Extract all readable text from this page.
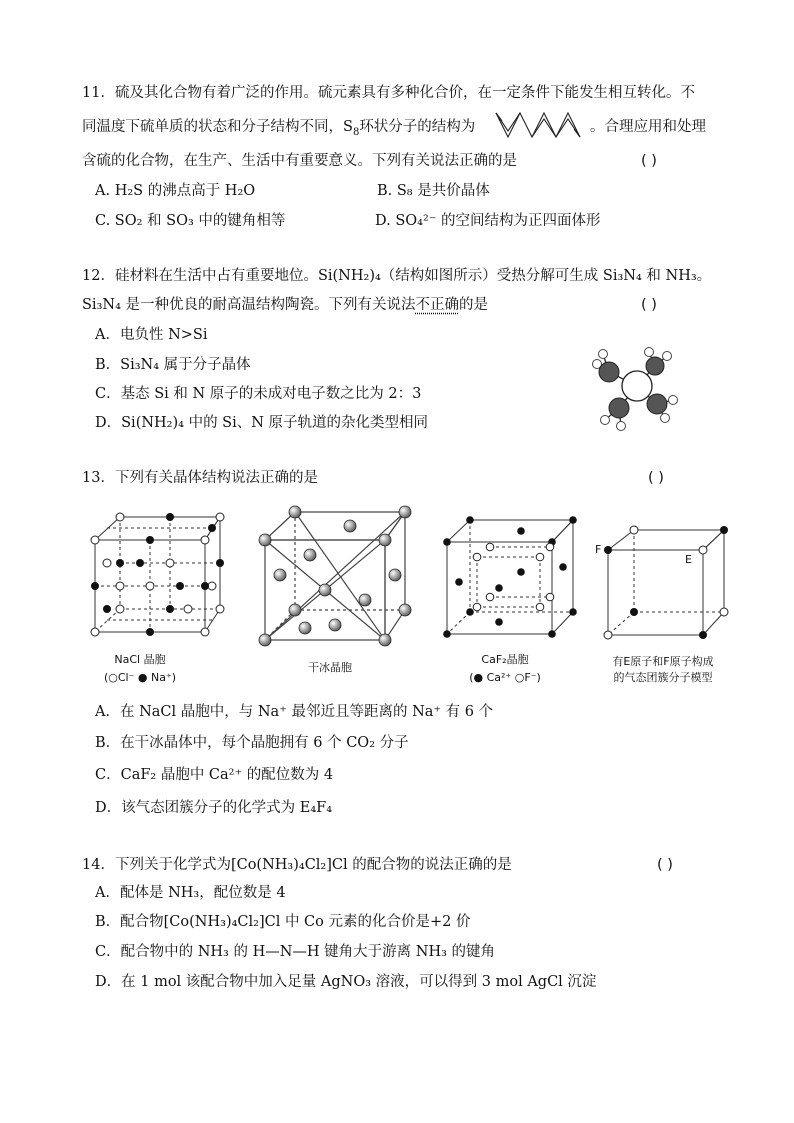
11．硫及其化合物有着广泛的作用。硫元素具有多种化合价，在一定条件下能发生相互转化。不
同温度下硫单质的状态和分子结构不同，$S_8$环状分子的结构为	。合理应用和处理
含硫的化合物，在生产、生活中有重要意义。下列有关说法正确的是	( )
A. H₂S 的沸点高于 H₂O	B. S₈ 是共价晶体
C. SO₂ 和 SO₃ 中的键角相等	D. SO₄²⁻ 的空间结构为正四面体形
12．硅材料在生活中占有重要地位。Si(NH₂)₄（结构如图所示）受热分解可生成 Si₃N₄ 和 NH₃。
Si₃N₄ 是一种优良的耐高温结构陶瓷。下列有关说法不正确的是	( )
A．电负性 N>Si
B．Si₃N₄ 属于分子晶体
C．基态 Si 和 N 原子的未成对电子数之比为 2：3
D．Si(NH₂)₄ 中的 Si、N 原子轨道的杂化类型相同
13．下列有关晶体结构说法正确的是	( )
NaCl 晶胞
(○Cl⁻ ● Na⁺)
干冰晶胞
CaF₂晶胞
(● Ca²⁺ ○F⁻)
F
E
有E原子和F原子构成
的气态团簇分子模型
A．在 NaCl 晶胞中，与 Na⁺ 最邻近且等距离的 Na⁺ 有 6 个
B．在干冰晶体中，每个晶胞拥有 6 个 CO₂ 分子
C．CaF₂ 晶胞中 Ca²⁺ 的配位数为 4
D．该气态团簇分子的化学式为 E₄F₄
14．下列关于化学式为[Co(NH₃)₄Cl₂]Cl 的配合物的说法正确的是	( )
A．配体是 NH₃，配位数是 4
B．配合物[Co(NH₃)₄Cl₂]Cl 中 Co 元素的化合价是+2 价
C．配合物中的 NH₃ 的 H—N—H 键角大于游离 NH₃ 的键角
D．在 1 mol 该配合物中加入足量 AgNO₃ 溶液，可以得到 3 mol AgCl 沉淀
